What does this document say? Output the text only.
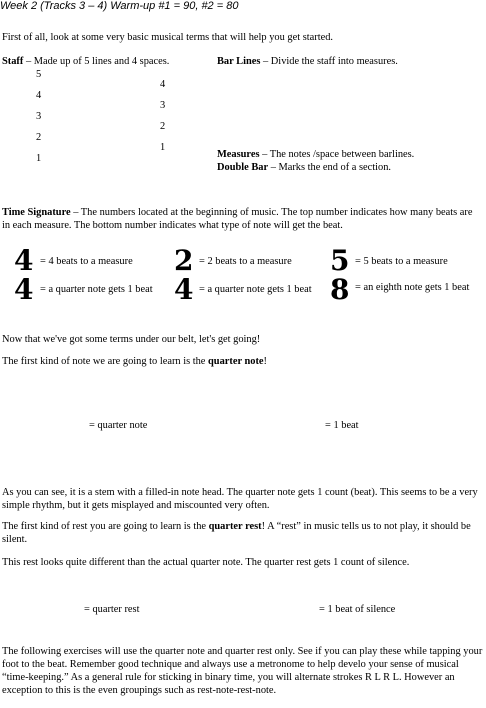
Week 2 (Tracks 3 – 4) Warm-up #1 = 90, #2 = 80
First of all, look at some very basic musical terms that will help you get started.
Staff – Made up of 5 lines and 4 spaces.
5
4
3
2
1
4
3
2
1
Bar Lines – Divide the staff into measures.
Measures – The notes /space between barlines.
Double Bar – Marks the end of a section.
Time Signature – The numbers located at the beginning of music. The top number indicates how many beats are in each measure. The bottom number indicates what type of note will get the beat.
4
4
= 4 beats to a measure
= a quarter note gets 1 beat
2
4
= 2 beats to a measure
= a quarter note gets 1 beat
5
8
= 5 beats to a measure
= an eighth note gets 1 beat
Now that we've got some terms under our belt, let's get going!
The first kind of note we are going to learn is the quarter note!
= quarter note	= 1 beat
As you can see, it is a stem with a filled-in note head. The quarter note gets 1 count (beat). This seems to be a very simple rhythm, but it gets misplayed and miscounted very often.
The first kind of rest you are going to learn is the quarter rest! A “rest” in music tells us to not play, it should be silent.
This rest looks quite different than the actual quarter note. The quarter rest gets 1 count of silence.
= quarter rest	= 1 beat of silence
The following exercises will use the quarter note and quarter rest only. See if you can play these while tapping your foot to the beat. Remember good technique and always use a metronome to help develo your sense of musical “time-keeping.” As a general rule for sticking in binary time, you will alternate strokes R L R L. However an exception to this is the even groupings such as rest-note-rest-note.
